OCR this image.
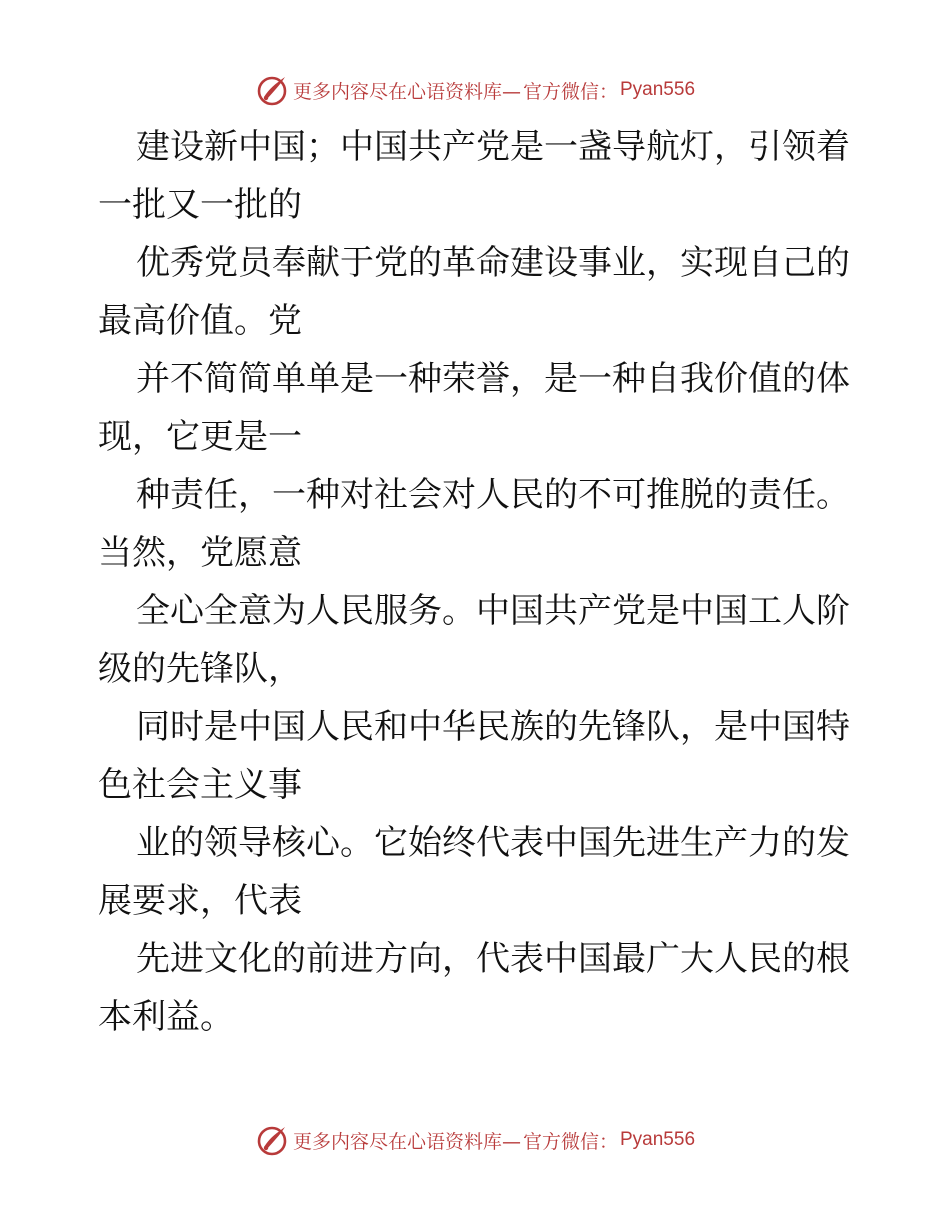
更多内容尽在心语资料库— 官方微信： Pyan556
建设新中国；中国共产党是一盏导航灯，引领着
一批又一批的
优秀党员奉献于党的革命建设事业，实现自己的
最高价值。党
并不简简单单是一种荣誉，是一种自我价值的体
现，它更是一
种责任，一种对社会对人民的不可推脱的责任。
当然，党愿意
全心全意为人民服务。中国共产党是中国工人阶
级的先锋队，
同时是中国人民和中华民族的先锋队，是中国特
色社会主义事
业的领导核心。它始终代表中国先进生产力的发
展要求，代表
先进文化的前进方向，代表中国最广大人民的根
本利益。
更多内容尽在心语资料库— 官方微信： Pyan556
